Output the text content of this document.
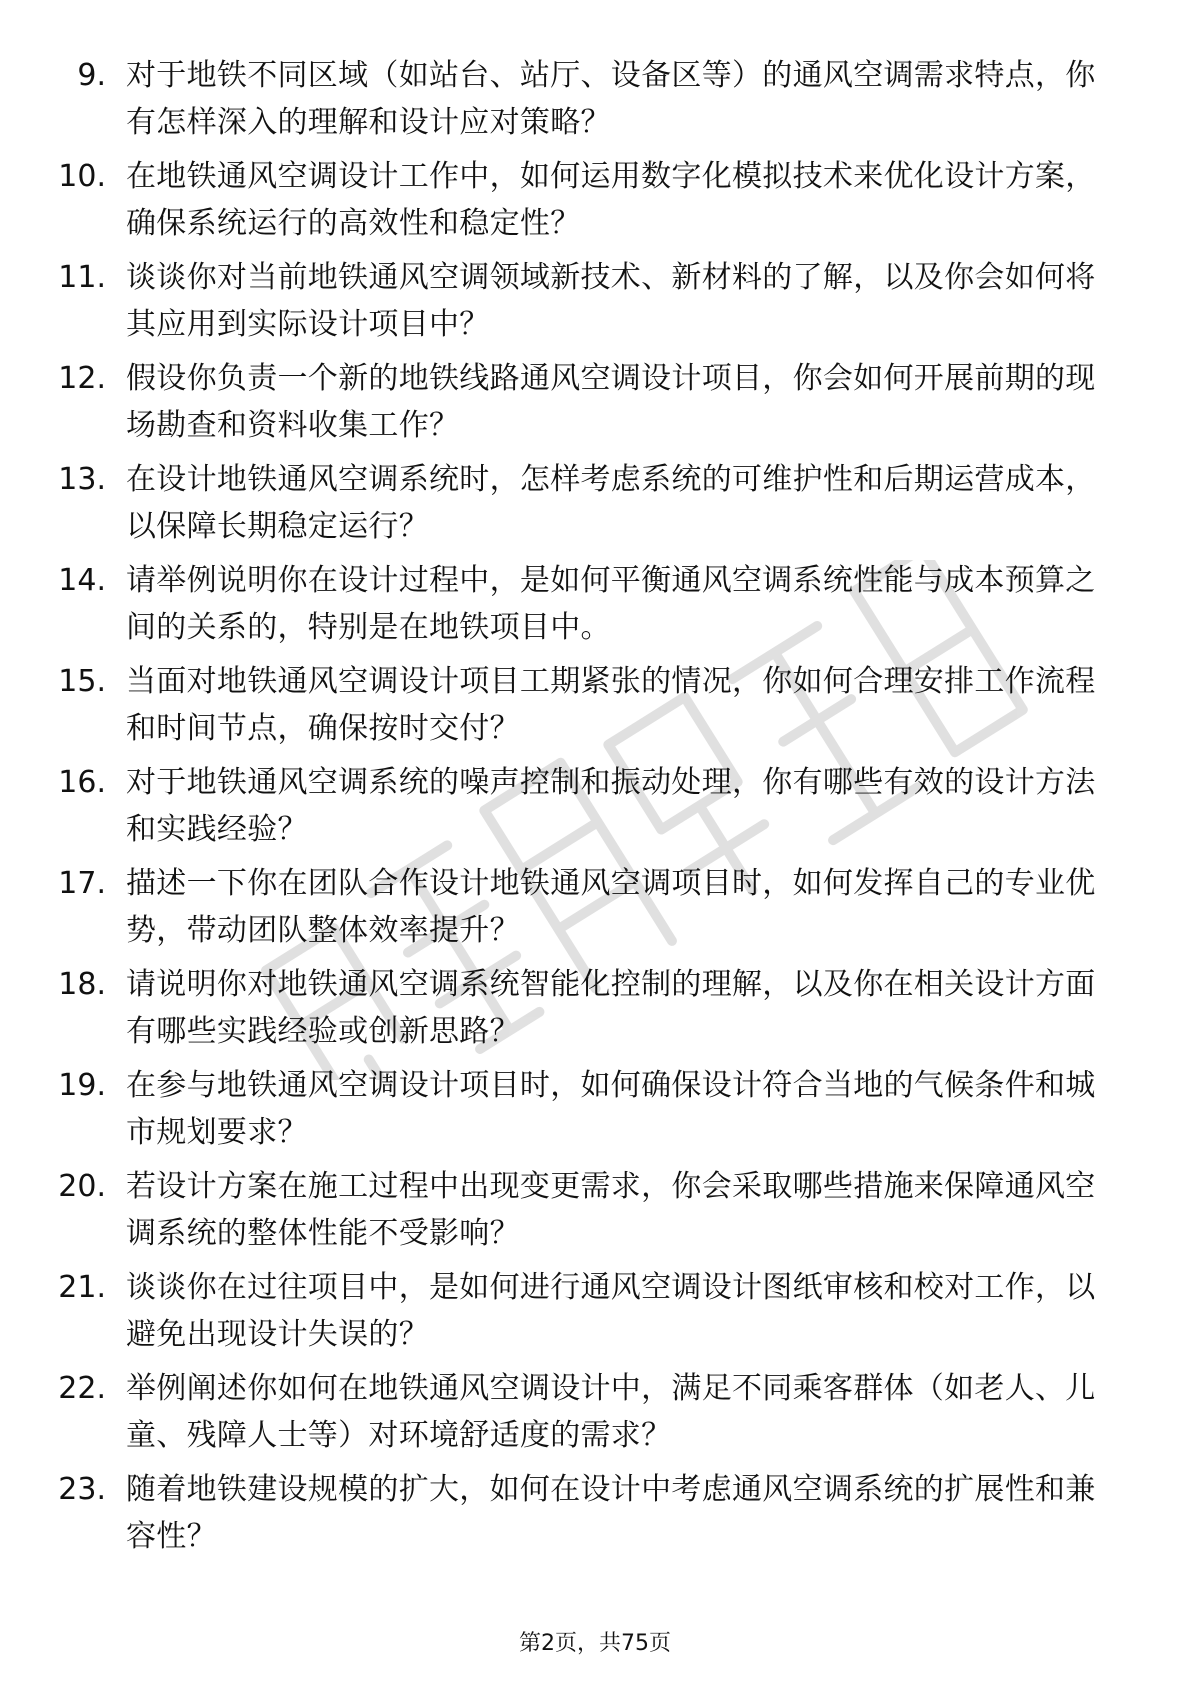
9. 对于地铁不同区域（如站台、站厅、设备区等）的通风空调需求特点，你有怎样深入的理解和设计应对策略？
10. 在地铁通风空调设计工作中，如何运用数字化模拟技术来优化设计方案，确保系统运行的高效性和稳定性？
11. 谈谈你对当前地铁通风空调领域新技术、新材料的了解，以及你会如何将其应用到实际设计项目中？
12. 假设你负责一个新的地铁线路通风空调设计项目，你会如何开展前期的现场勘查和资料收集工作？
13. 在设计地铁通风空调系统时，怎样考虑系统的可维护性和后期运营成本，以保障长期稳定运行？
14. 请举例说明你在设计过程中，是如何平衡通风空调系统性能与成本预算之间的关系的，特别是在地铁项目中。
15. 当面对地铁通风空调设计项目工期紧张的情况，你如何合理安排工作流程和时间节点，确保按时交付？
16. 对于地铁通风空调系统的噪声控制和振动处理，你有哪些有效的设计方法和实践经验？
17. 描述一下你在团队合作设计地铁通风空调项目时，如何发挥自己的专业优势，带动团队整体效率提升？
18. 请说明你对地铁通风空调系统智能化控制的理解，以及你在相关设计方面有哪些实践经验或创新思路？
19. 在参与地铁通风空调设计项目时，如何确保设计符合当地的气候条件和城市规划要求？
20. 若设计方案在施工过程中出现变更需求，你会采取哪些措施来保障通风空调系统的整体性能不受影响？
21. 谈谈你在过往项目中，是如何进行通风空调设计图纸审核和校对工作，以避免出现设计失误的？
22. 举例阐述你如何在地铁通风空调设计中，满足不同乘客群体（如老人、儿童、残障人士等）对环境舒适度的需求？
23. 随着地铁建设规模的扩大，如何在设计中考虑通风空调系统的扩展性和兼容性？
第2页，共75页
